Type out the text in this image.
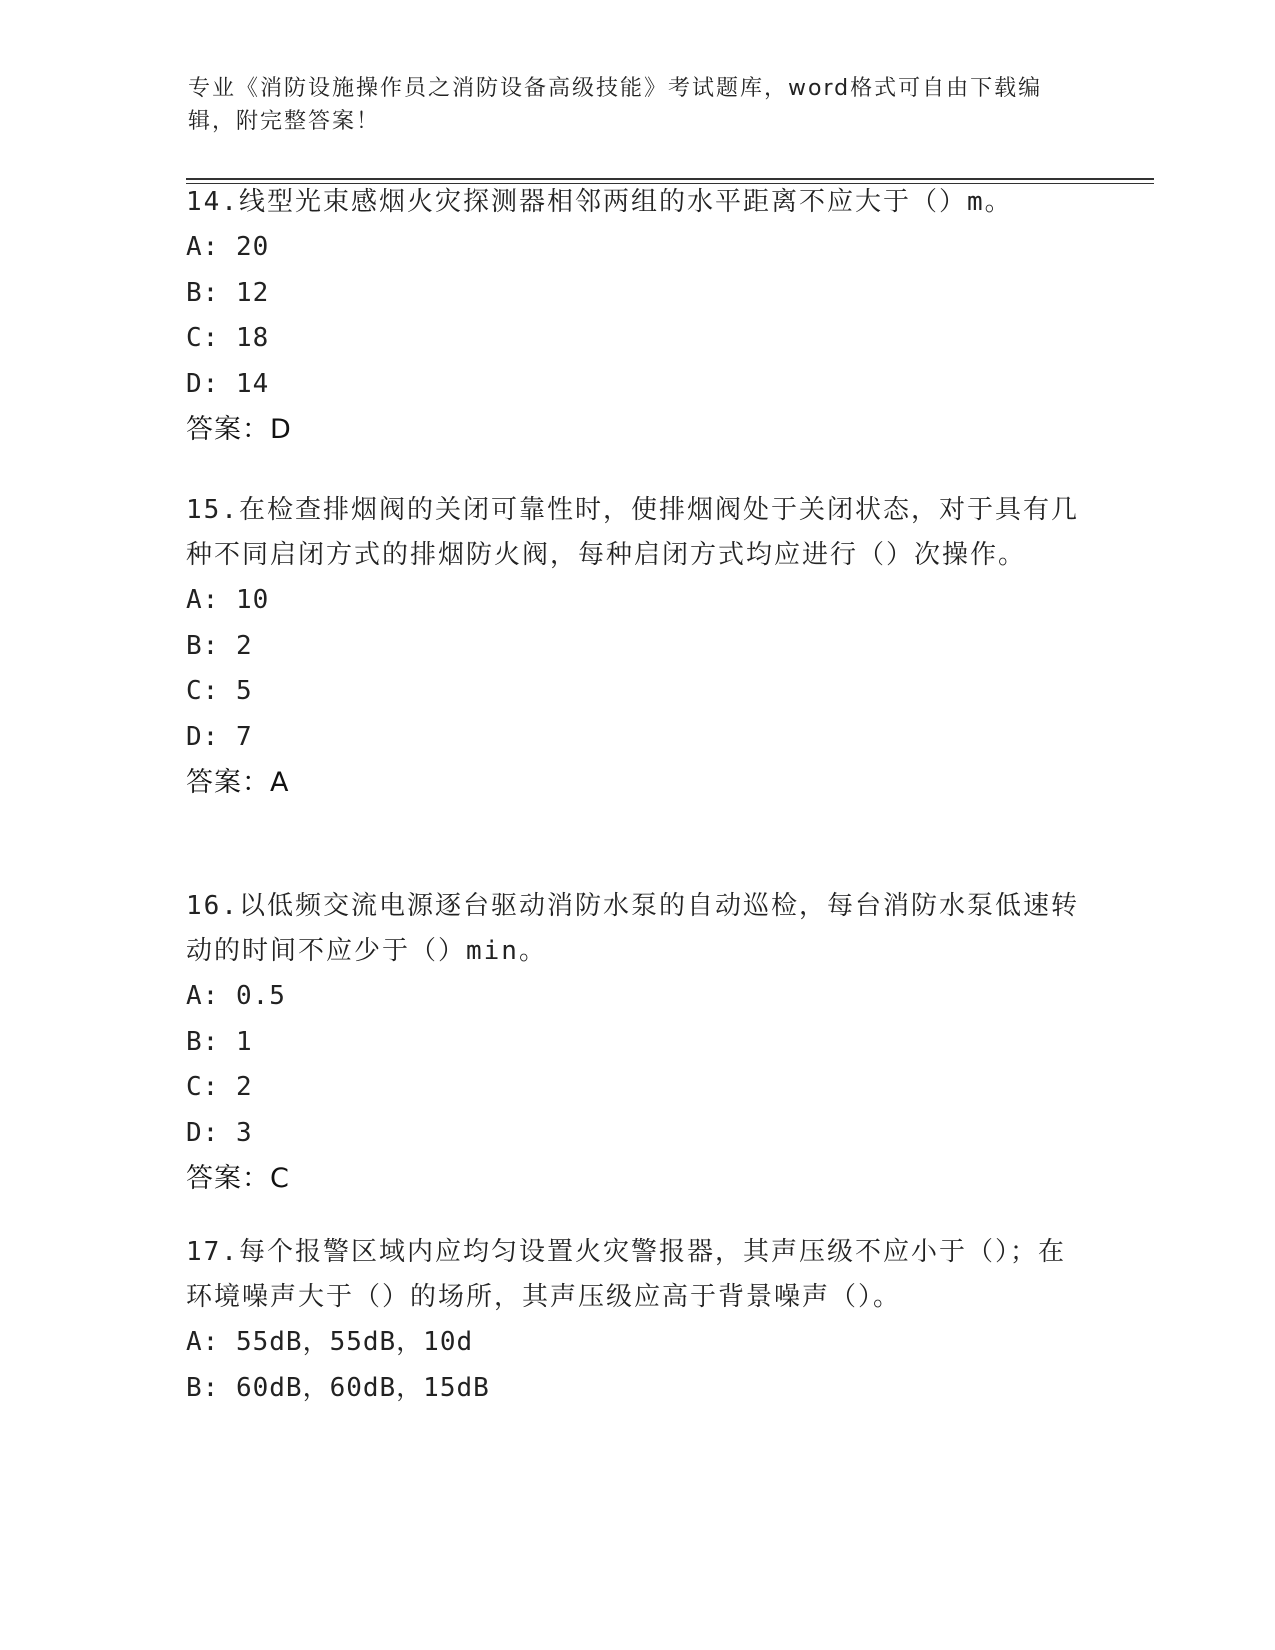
专业《消防设施操作员之消防设备高级技能》考试题库，word格式可自由下载编辑，附完整答案！
14.线型光束感烟火灾探测器相邻两组的水平距离不应大于（）m。
A: 20
B: 12
C: 18
D: 14
答案：D
15.在检查排烟阀的关闭可靠性时，使排烟阀处于关闭状态，对于具有几种不同启闭方式的排烟防火阀，每种启闭方式均应进行（）次操作。
A: 10
B: 2
C: 5
D: 7
答案：A
16.以低频交流电源逐台驱动消防水泵的自动巡检，每台消防水泵低速转动的时间不应少于（）min。
A: 0.5
B: 1
C: 2
D: 3
答案：C
17.每个报警区域内应均匀设置火灾警报器，其声压级不应小于（）；在环境噪声大于（）的场所，其声压级应高于背景噪声（）。
A: 55dB，55dB，10d
B: 60dB，60dB，15dB
